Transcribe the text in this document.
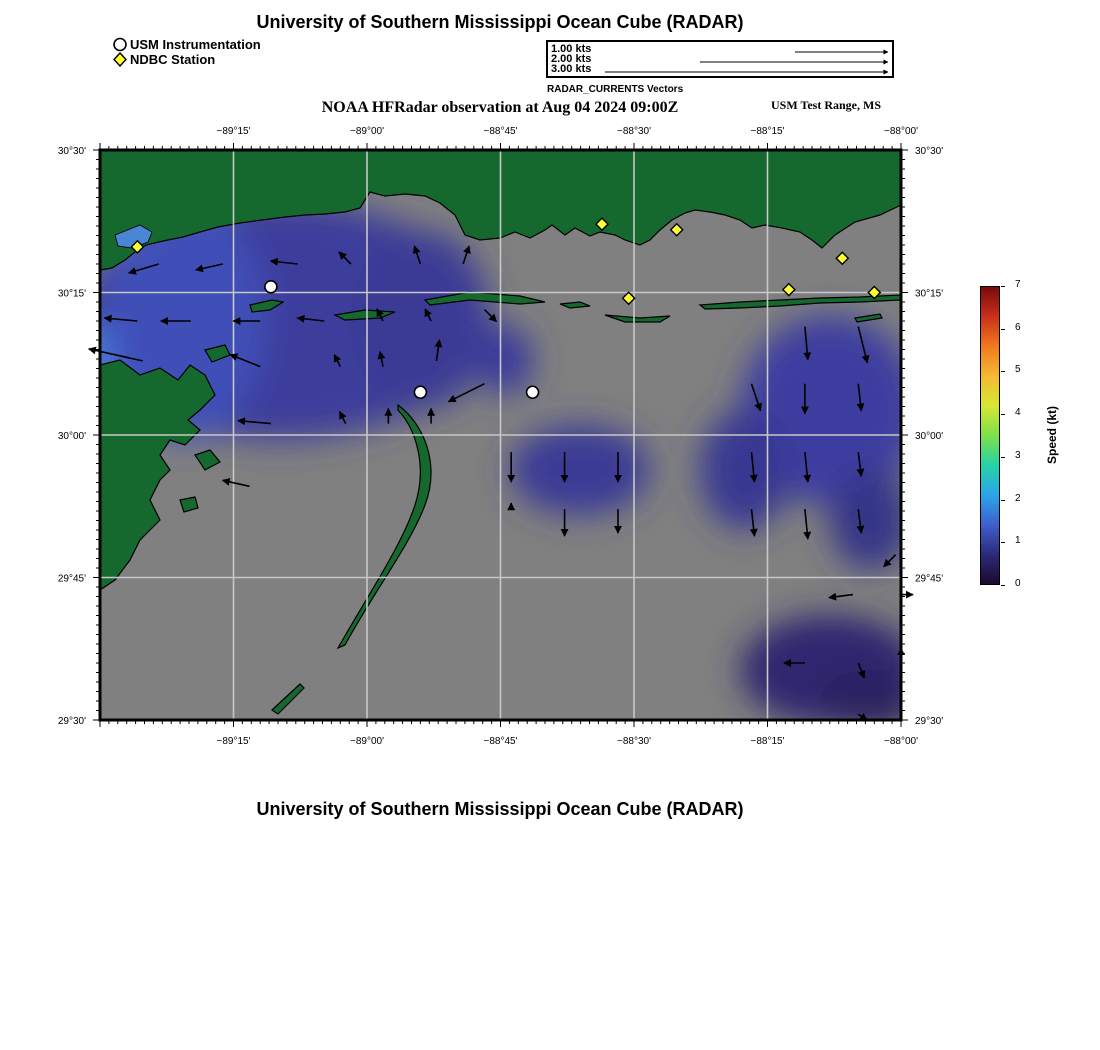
University of Southern Mississippi Ocean Cube (RADAR)
USM Instrumentation
NDBC Station
1.00 kts
2.00 kts
3.00 kts
RADAR_CURRENTS Vectors
NOAA HFRadar observation at Aug 04 2024 09:00Z	USM Test Range, MS
−89°15'
−89°15'
−89°00'
−89°00'
−88°45'
−88°45'
−88°30'
−88°30'
−88°15'
−88°15'
−88°00'
−88°00'
30°30'	30°30'
30°15'	30°15'
30°00'	30°00'
29°45'	29°45'
29°30'	29°30'
0
1
2
3
4
5
6
7
Speed (kt)
University of Southern Mississippi Ocean Cube (RADAR)
